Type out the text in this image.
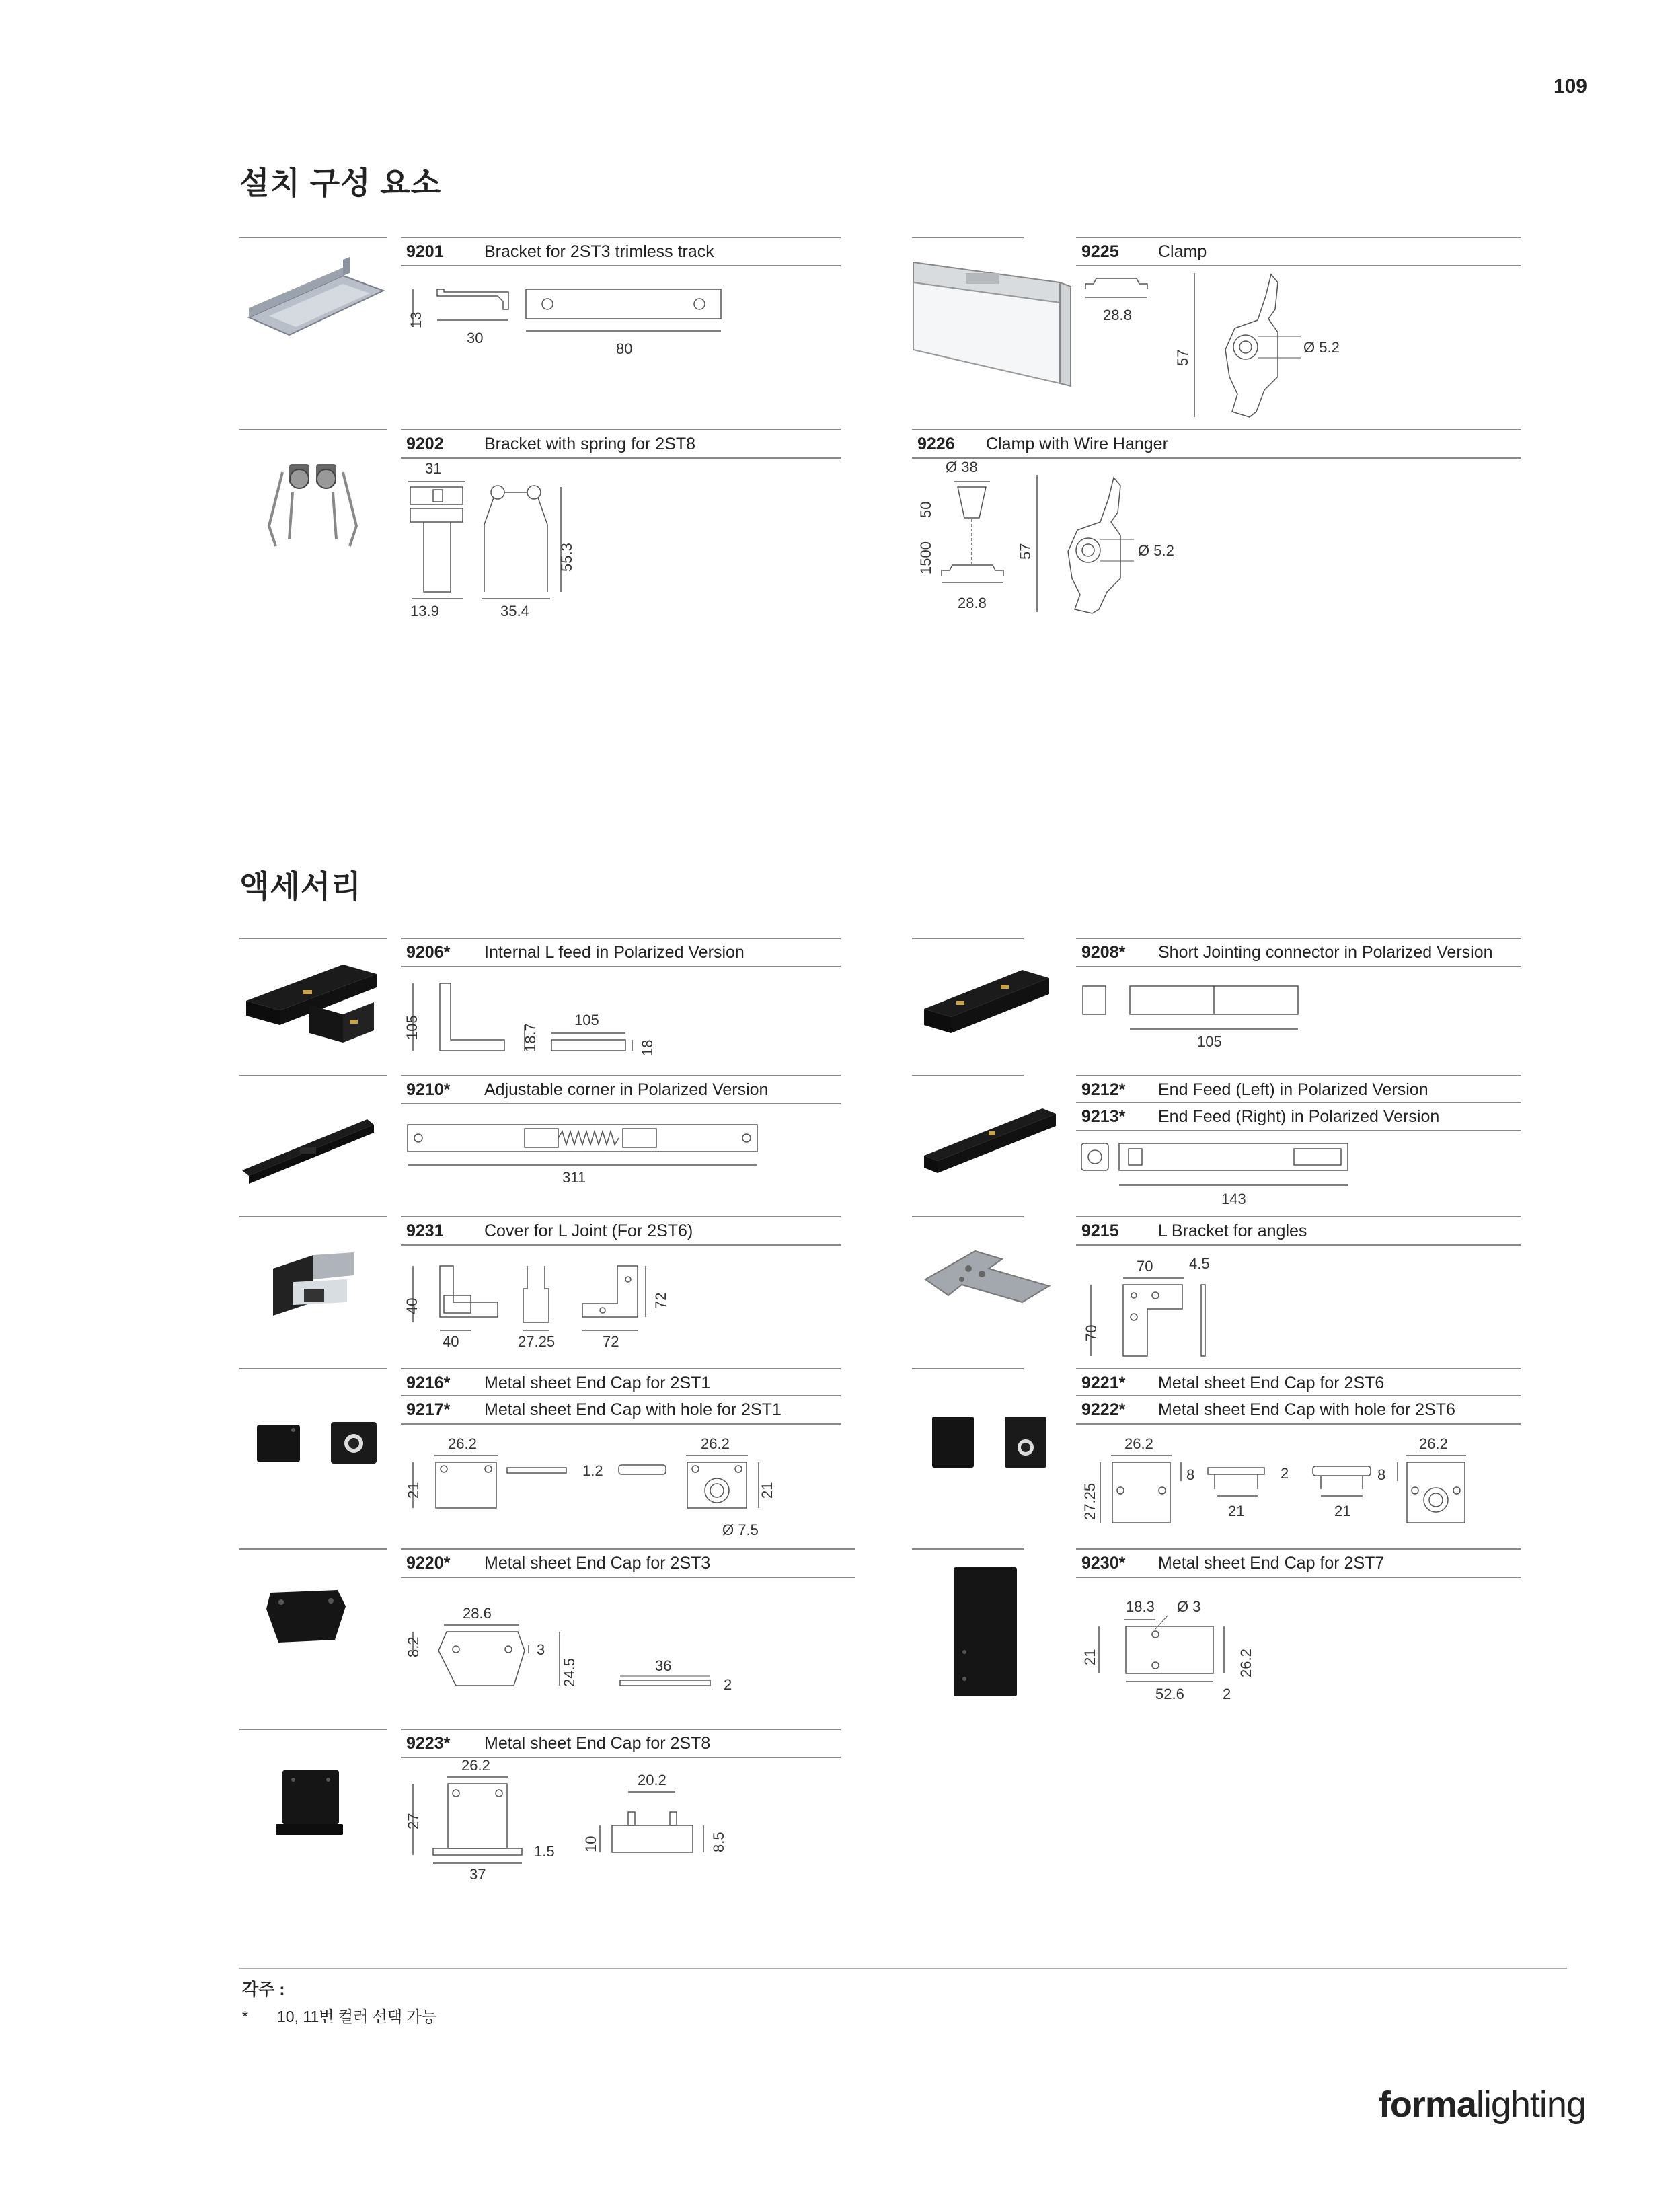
109
설치 구성 요소
액세서리
9201 Bracket for 2ST3 trimless track
13
30
80
9225 Clamp
28.8
57
Ø 5.2
9202 Bracket with spring for 2ST8
31
13.9	35.4
55.3
9226 Clamp with Wire Hanger
Ø 38
50
1500
28.8
57	Ø 5.2
9206* Internal L feed in Polarized Version
105	18.7
105
18
9208* Short Jointing connector in Polarized Version
105
9210* Adjustable corner in Polarized Version
311
9212* End Feed (Left) in Polarized Version
9213* End Feed (Right) in Polarized Version
143
9231 Cover for L Joint (For 2ST6)
40
40	27.25	72
72
9215 L Bracket for angles
70 4.5
70
9216* Metal sheet End Cap for 2ST1
9217* Metal sheet End Cap with hole for 2ST1
26.2
21
1.2
26.2
21
Ø 7.5
9221* Metal sheet End Cap for 2ST6
9222* Metal sheet End Cap with hole for 2ST6
26.2
27.25
8
21
2
21
8
26.2
9220* Metal sheet End Cap for 2ST3
28.6
8.2	3
24.5	36
2
9230* Metal sheet End Cap for 2ST7
18.3 Ø 3
21	26.2
52.6	2
9223* Metal sheet End Cap for 2ST8
26.2
27
1.5
37
20.2
10	8.5
각주 :
* 10, 11번 컬러 선택 가능
formalighting
